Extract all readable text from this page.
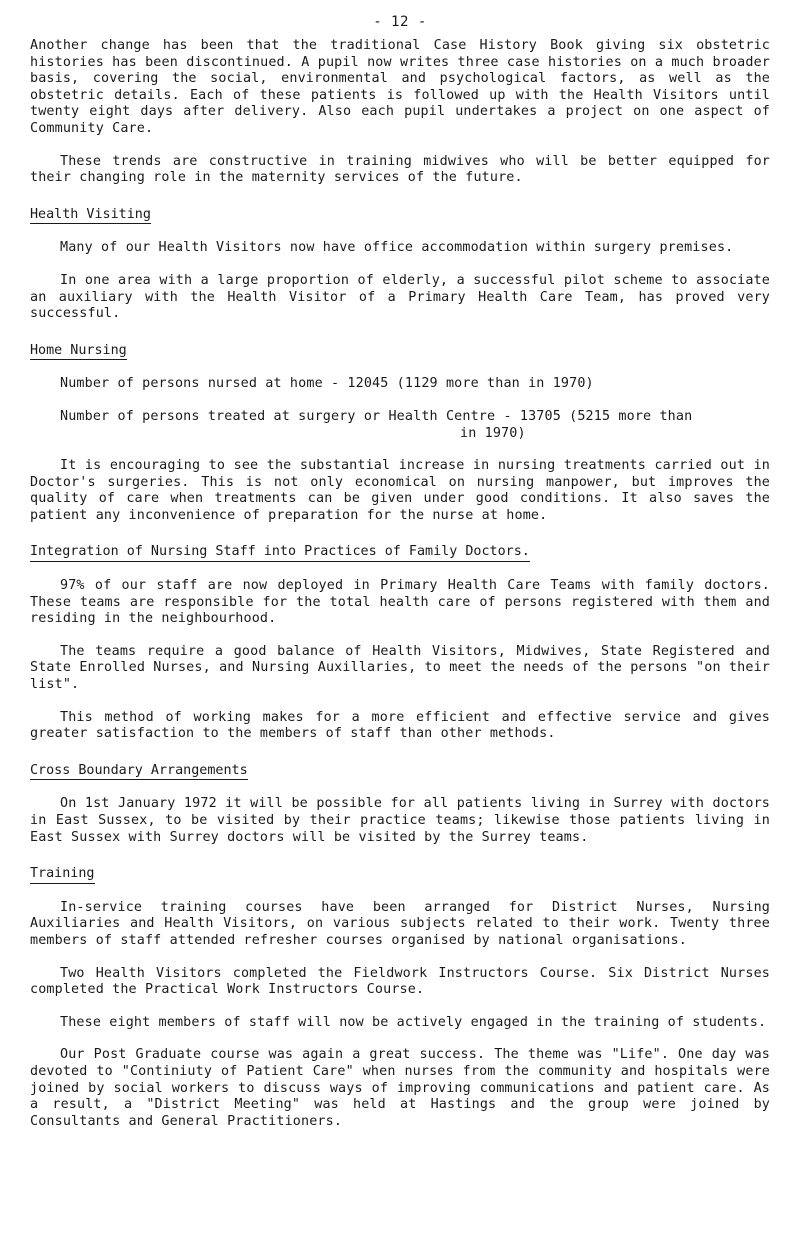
- 12 -

Another change has been that the traditional Case History Book giving six obstetric histories has been discontinued. A pupil now writes three case histories on a much broader basis, covering the social, environmental and psychological factors, as well as the obstetric details. Each of these patients is followed up with the Health Visitors until twenty eight days after delivery. Also each pupil undertakes a project on one aspect of Community Care.

These trends are constructive in training midwives who will be better equipped for their changing role in the maternity services of the future.

Health Visiting

Many of our Health Visitors now have office accommodation within surgery premises.

In one area with a large proportion of elderly, a successful pilot scheme to associate an auxiliary with the Health Visitor of a Primary Health Care Team, has proved very successful.

Home Nursing

Number of persons nursed at home - 12045 (1129 more than in 1970)

Number of persons treated at surgery or Health Centre - 13705 (5215 more than

in 1970)

It is encouraging to see the substantial increase in nursing treatments carried out in Doctor's surgeries. This is not only economical on nursing manpower, but improves the quality of care when treatments can be given under good conditions. It also saves the patient any inconvenience of preparation for the nurse at home.

Integration of Nursing Staff into Practices of Family Doctors.

97% of our staff are now deployed in Primary Health Care Teams with family doctors. These teams are responsible for the total health care of persons registered with them and residing in the neighbourhood.

The teams require a good balance of Health Visitors, Midwives, State Registered and State Enrolled Nurses, and Nursing Auxillaries, to meet the needs of the persons "on their list".

This method of working makes for a more efficient and effective service and gives greater satisfaction to the members of staff than other methods.

Cross Boundary Arrangements

On 1st January 1972 it will be possible for all patients living in Surrey with doctors in East Sussex, to be visited by their practice teams; likewise those patients living in East Sussex with Surrey doctors will be visited by the Surrey teams.

Training

In-service training courses have been arranged for District Nurses, Nursing Auxiliaries and Health Visitors, on various subjects related to their work. Twenty three members of staff attended refresher courses organised by national organisations.

Two Health Visitors completed the Fieldwork Instructors Course. Six District Nurses completed the Practical Work Instructors Course.

These eight members of staff will now be actively engaged in the training of students.

Our Post Graduate course was again a great success. The theme was "Life". One day was devoted to "Continiuty of Patient Care" when nurses from the community and hospitals were joined by social workers to discuss ways of improving communications and patient care. As a result, a "District Meeting" was held at Hastings and the group were joined by Consultants and General Practitioners.
